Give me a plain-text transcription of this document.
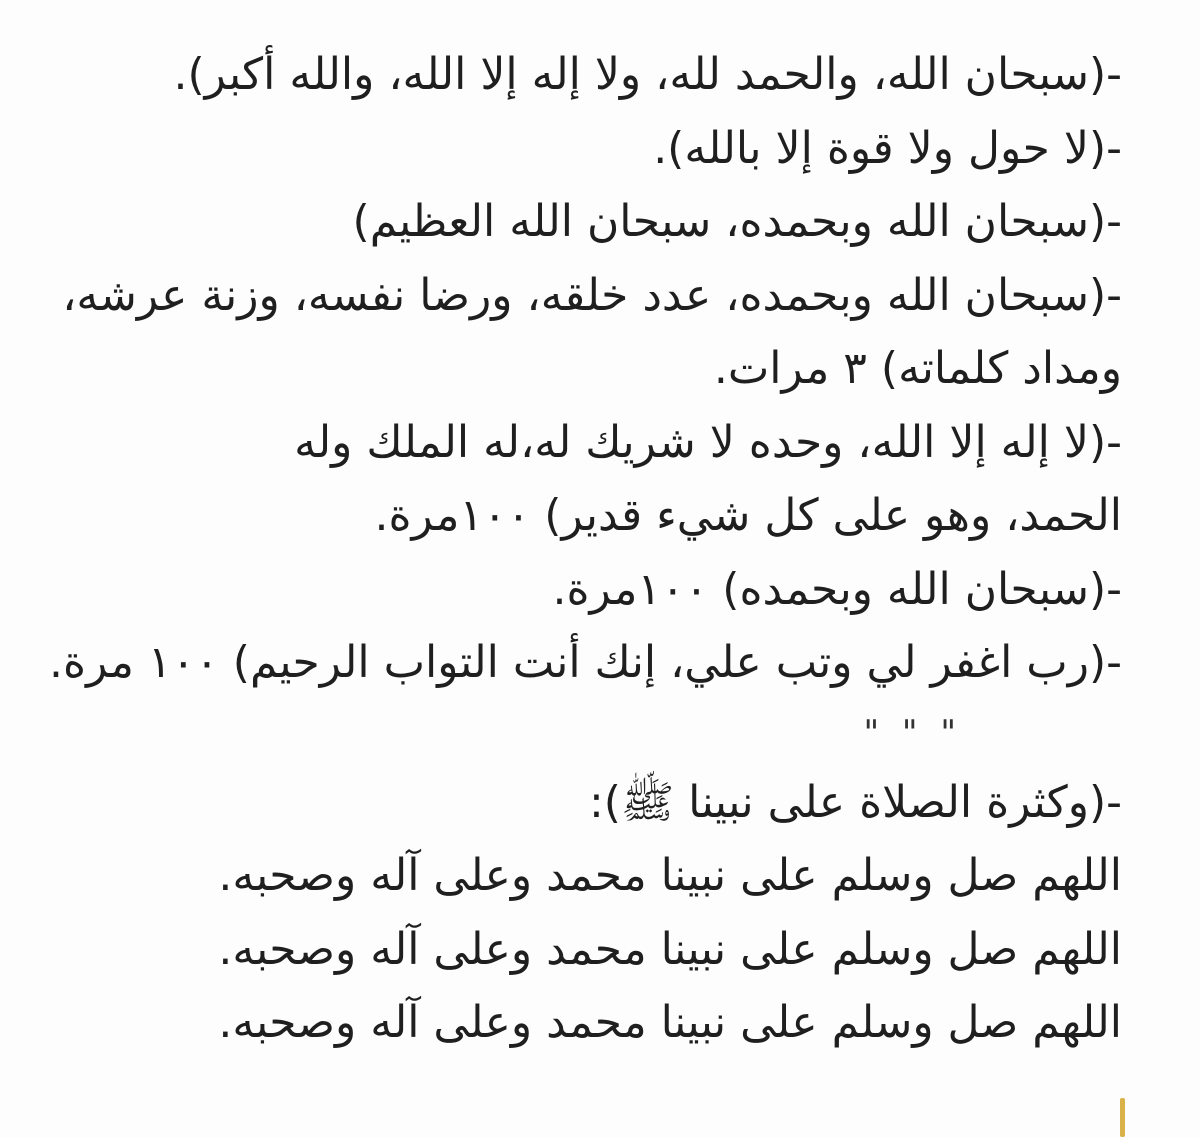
-(سبحان الله، والحمد لله، ولا إله إلا الله، والله أكبر).
-(لا حول ولا قوة إلا بالله).
-(سبحان الله وبحمده، سبحان الله العظيم)
-(سبحان الله وبحمده، عدد خلقه، ورضا نفسه، وزنة عرشه،
ومداد كلماته) ٣ مرات.
-(لا إله إلا الله، وحده لا شريك له،له الملك وله
الحمد، وهو على كل شيء قدير) ١٠٠مرة.
-(سبحان الله وبحمده) ١٠٠مرة.
-(رب اغفر لي وتب علي، إنك أنت التواب الرحيم) ١٠٠ مرة.
" " "
-(وكثرة الصلاة على نبينا ﷺ):
اللهم صل وسلم على نبينا محمد وعلى آله وصحبه.
اللهم صل وسلم على نبينا محمد وعلى آله وصحبه.
اللهم صل وسلم على نبينا محمد وعلى آله وصحبه.
